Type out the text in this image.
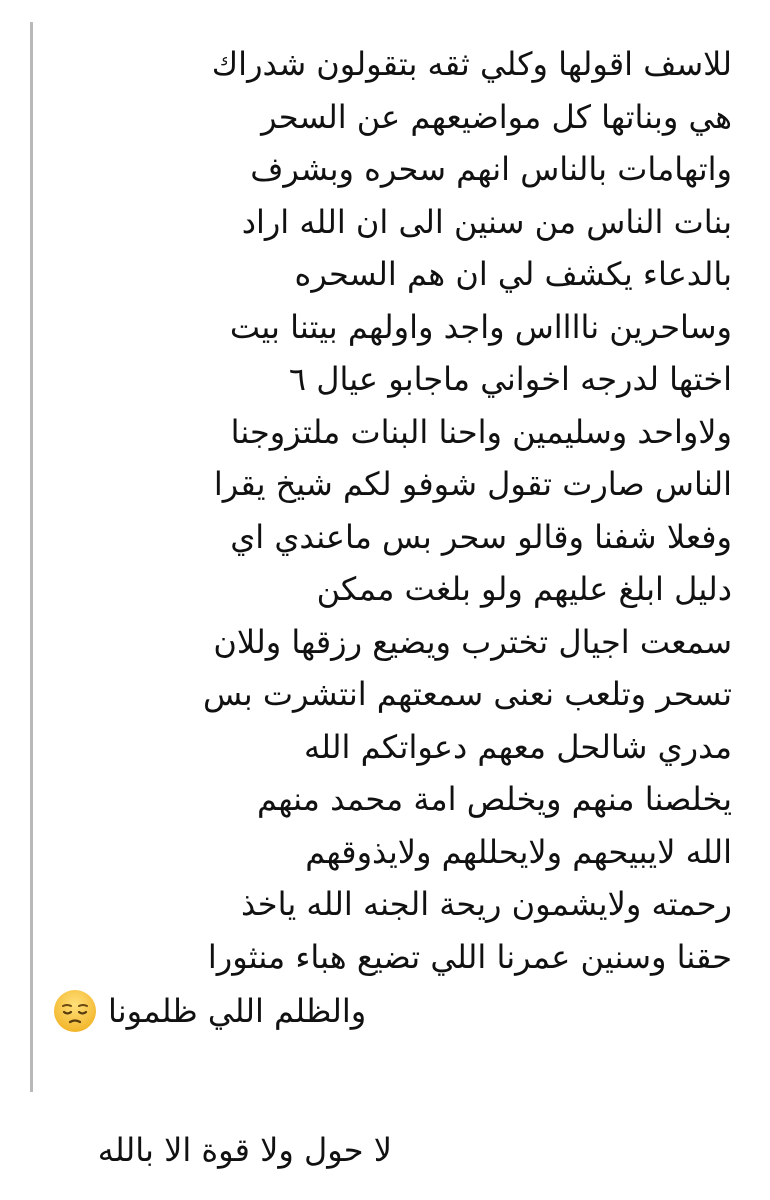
للاسف اقولها وكلي ثقه بتقولون شدراك
هي وبناتها كل مواضيعهم عن السحر
واتهامات بالناس انهم سحره وبشرف
بنات الناس من سنين الى ان الله اراد
بالدعاء يكشف لي ان هم السحره
وساحرين نااااس واجد واولهم بيتنا بيت
اختها لدرجه اخواني ماجابو عيال ٦
ولاواحد وسليمين واحنا البنات ملتزوجنا
الناس صارت تقول شوفو لكم شيخ يقرا
وفعلا شفنا وقالو سحر بس ماعندي اي
دليل ابلغ عليهم ولو بلغت ممكن
سمعت اجيال تخترب ويضيع رزقها وللان
تسحر وتلعب نعنى سمعتهم انتشرت بس
مدري شالحل معهم دعواتكم الله
يخلصنا منهم ويخلص امة محمد منهم
الله لايبيحهم ولايحللهم ولايذوقهم
رحمته ولايشمون ريحة الجنه الله ياخذ
حقنا وسنين عمرنا اللي تضيع هباء منثورا
والظلم اللي ظلمونا
لا حول ولا قوة الا بالله
